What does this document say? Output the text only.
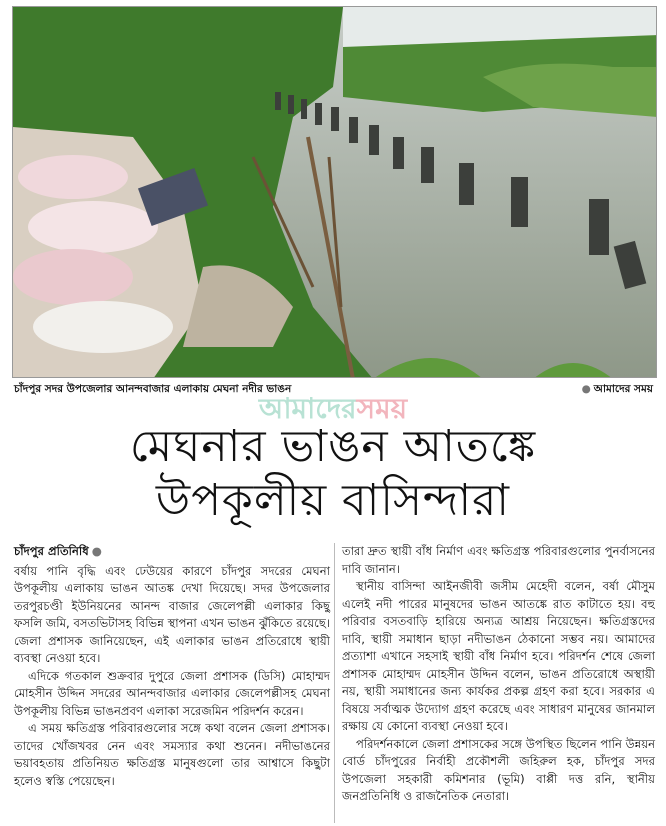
চাঁদপুর সদর উপজেলার আনন্দবাজার এলাকায় মেঘনা নদীর ভাঙন	● আমাদের সময়
আমাদেরসময়
মেঘনার ভাঙন আতঙ্কে
উপকূলীয় বাসিন্দারা
চাঁদপুর প্রতিনিধি ●

বর্ষায় পানি বৃদ্ধি এবং ঢেউয়ের কারণে চাঁদপুর সদরের মেঘনা উপকূলীয় এলাকায় ভাঙন আতঙ্ক দেখা দিয়েছে। সদর উপজেলার তরপুরচণ্ডী ইউনিয়নের আনন্দ বাজার জেলেপল্লী এলাকার কিছু ফসলি জমি, বসতভিটাসহ বিভিন্ন স্থাপনা এখন ভাঙন ঝুঁকিতে রয়েছে। জেলা প্রশাসক জানিয়েছেন, এই এলাকার ভাঙন প্রতিরোধে স্থায়ী ব্যবস্থা নেওয়া হবে।

এদিকে গতকাল শুক্রবার দুপুরে জেলা প্রশাসক (ডিসি) মোহাম্মদ মোহসীন উদ্দিন সদরের আনন্দবাজার এলাকার জেলেপল্লীসহ মেঘনা উপকূলীয় বিভিন্ন ভাঙনপ্রবণ এলাকা সরেজমিন পরিদর্শন করেন।

এ সময় ক্ষতিগ্রস্ত পরিবারগুলোর সঙ্গে কথা বলেন জেলা প্রশাসক। তাদের খোঁজখবর নেন এবং সমস্যার কথা শুনেন। নদীভাঙনের ভয়াবহতায় প্রতিনিয়ত ক্ষতিগ্রস্ত মানুষগুলো তার আশ্বাসে কিছুটা হলেও স্বস্তি পেয়েছেন।

তারা দ্রুত স্থায়ী বাঁধ নির্মাণ এবং ক্ষতিগ্রস্ত পরিবারগুলোর পুনর্বাসনের দাবি জানান।

স্থানীয় বাসিন্দা আইনজীবী জসীম মেহেদী বলেন, বর্ষা মৌসুম এলেই নদী পারের মানুষদের ভাঙন আতঙ্কে রাত কাটাতে হয়। বহু পরিবার বসতবাড়ি হারিয়ে অন্যত্র আশ্রয় নিয়েছেন। ক্ষতিগ্রস্তদের দাবি, স্থায়ী সমাধান ছাড়া নদীভাঙন ঠেকানো সম্ভব নয়। আমাদের প্রত্যাশা এখানে সহসাই স্থায়ী বাঁধ নির্মাণ হবে। পরিদর্শন শেষে জেলা প্রশাসক মোহাম্মদ মোহসীন উদ্দিন বলেন, ভাঙন প্রতিরোধে অস্থায়ী নয়, স্থায়ী সমাধানের জন্য কার্যকর প্রকল্প গ্রহণ করা হবে। সরকার এ বিষয়ে সর্বাত্মক উদ্যোগ গ্রহণ করেছে এবং সাধারণ মানুষের জানমাল রক্ষায় যে কোনো ব্যবস্থা নেওয়া হবে।

পরিদর্শনকালে জেলা প্রশাসকের সঙ্গে উপস্থিত ছিলেন পানি উন্নয়ন বোর্ড চাঁদপুরের নির্বাহী প্রকৌশলী জহিরুল হক, চাঁদপুর সদর উপজেলা সহকারী কমিশনার (ভূমি) বাপ্পী দত্ত রনি, স্থানীয় জনপ্রতিনিধি ও রাজনৈতিক নেতারা।
